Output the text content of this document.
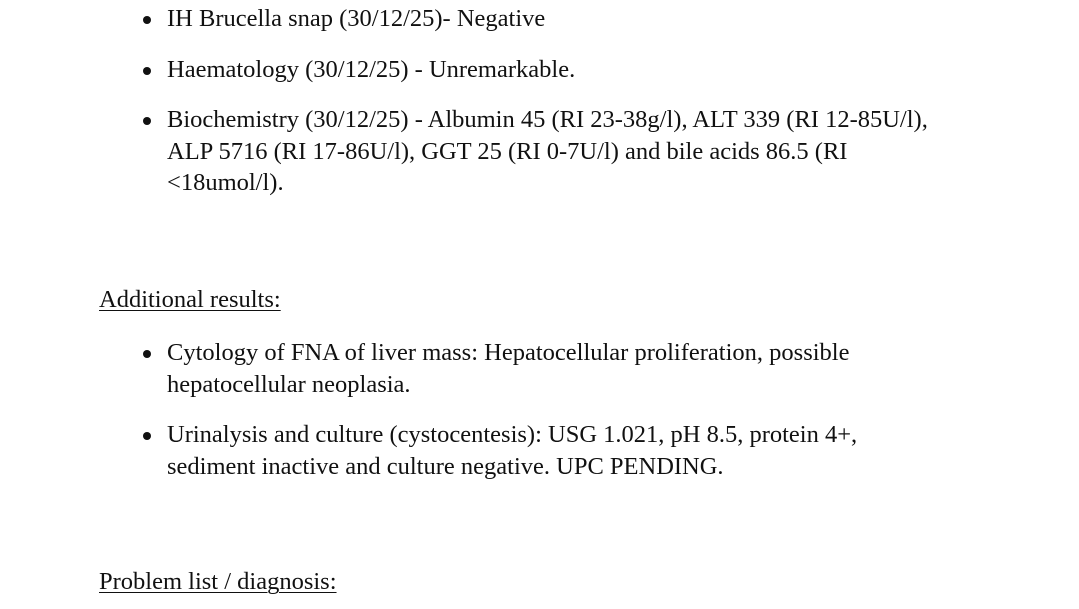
IH Brucella snap (30/12/25)- Negative
Haematology (30/12/25) - Unremarkable.
Biochemistry (30/12/25) - Albumin 45 (RI 23-38g/l), ALT 339 (RI 12-85U/l), ALP 5716 (RI 17-86U/l), GGT 25 (RI 0-7U/l) and bile acids 86.5 (RI <18umol/l).
Additional results:
Cytology of FNA of liver mass: Hepatocellular proliferation, possible hepatocellular neoplasia.
Urinalysis and culture (cystocentesis): USG 1.021, pH 8.5, protein 4+, sediment inactive and culture negative. UPC PENDING.
Problem list / diagnosis:
